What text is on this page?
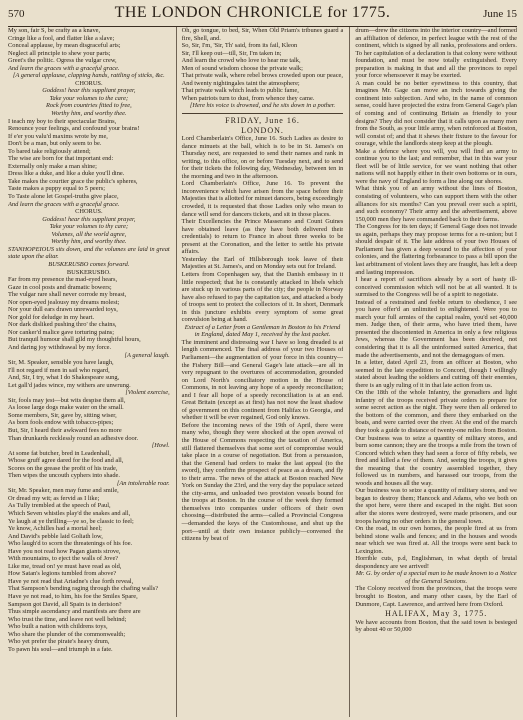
570	THE LONDON CHRONICLE for 1775.	June 15

My son, fair S, be crafty as a knave,

Cringe like a fool, and flatter like a slave;

Conceal applause, by mean disgraceful arts;

Neglect all principle to shew your parts;

Greet's the politic. Ogress the vulgar crew,

And learn the graces with a graceful grace.

[A general applause, clapping hands, rattling of sticks, &c.

CHORUS.

Goddess! hear this suppliant prayer,

Take your volumes to the care;

Rock from countries fitted to free,

Worthy him, and worthy thee.

I teach my boy to their spectacular Brains,

Renounce your feelings, and confound your brains!

If e'er you valu'd maxims wrote by me,

Don't be a man, but only seem to be.

To bared take religiously attend;

The wise are born for that important end:

Externally only make a man shine;

Dress like a duke, and like a duke you'll dine.

Take makes the courtier grace the public's spheres,

Taste makes a puppy equal to 5 peers;

To Taste alone let Gospel-truths give place,

And learn the graces with a graceful grace.

CHORUS.

Goddess! hear this suppliant prayer,

Take your volumes to thy care;

Volumes, all the world agree,

Worthy him, and worthy thee.

STANHOPEIOUS sits down, and the volumes are laid in great state upon the altar.

BUSKERUSBO comes forward.

BUSKERUSBO.

Far from my presence the mad-eyed hears,

Gaze in cool posts and dramatic bowers;

The vulgar rare shall never corrode my breast,

Nor open-eyed jealousy my dreams molest;

Nor your dull ears drawn unrewarded toys,

Nor gold for deludge in my heart.

Nor dark disliked pushing thro' the chains,

Nor canker'd malice gave torturing pains;

But tranquil humour shall gild my thoughtful hours,

And daring joy withdrawal by my force.

[A general laugh.

Sir, M. Speaker, sensible you have laugh,

I'll not regard if men in sail who regard,

And, Sir, I try, what I do Shakespeare sung,

Let gall'd jades wince, my withers are unwrung.

[Violent exercise,

Sir, fools may jest—but wits despise them all,

As loose large dogs make water on the small.

Some members, Sir, gave by, sitting wiser,

As born fools endow with tobacco-pipes;

But, Sir, I heard their awkward fees no more

Than drunkards recklessly round an adhesive door.

[Howl.

At some fat butcher, bred in Leadenhall,

Whose gruff agree dared for the food and all,

Scores on the grease the profit of his trade,

Then wipes the uncouth cyphers into shade.

[An intolerable roar.

Sir, Mr. Speaker, men may fume and smile,

Or dread my wit; as fervid as I like;

As Tully trembled at the speech of Paul,

Which Seven whistles play'd the snakes and all,

Ye laugh at ye thrilling—ye so, be classic to feel;

Ye know, Achilles had a mortal heel;

And David's pebble laid Goliath low,

Who laugh'd to scorn the threatenings of his foe.

Have you not read how Pagan giants strove,

With mountains, to eject the walls of Jove?

Like me, tread on! ye must have read as old,

How Satan's legions tumbled from above?

Have ye not read that Ariadne's clue forth reveal,

That Sampson's bending raging through the chafing walls?

Have ye not read, to him, his foe the Smiles Spare,

Sampson got David, all Spain is in derision?

Thus simple ascendancy and manifests are there are

Who trust the time, and leave not well behind;

Who built a nation with childrens toys,

Who share the plunder of the commonwealth;

Who yet prefer the pirate's heavy drum,

To pawn his soul—and triumph in a fate.

Oh, go tongue, to bed, Sir, When Old Priam's tribunes guard a fire, Shell, and.

So, Sir, I'm, 'Sir, Th' said, from its fail, Kleon

Sir, I'll keep out—till, Sir, I'm taken in;

And learn the crowd who love to hear me talk,

Men of sound wisdom choose the private walk;

That private walk, where rebel brows crowded upon our peace,

And twenty nightingales taint the atmosphere;

That private walk which leads to public fame,

When patriots turn to dust, from whence they came.

[Here his voice is drowned, and he sits down in a pother.

FRIDAY, June 16.

LONDON.

Lord Chamberlain's Office, June 16. Such Ladies as desire to dance minuets at the ball, which is to be in St. James's on Thursday next, are requested to send their names and rank in writing, to this office, on or before Tuesday next, and to send for their tickets the following day, Wednesday, between ten in the morning and two in the afternoon.

Lord Chamberlain's Office, June 16. To prevent the inconvenience which have arisen from the space before their Majesties that is allotted for minuet dancers, being exceedingly crowded, it is requested that those Ladies only who mean to dance will send for dancers tickets, and sit in those places.

Their Excellencies the Prince Masserano and Count Guines have obtained leave (as they have both delivered their credentials) to return to France in about three weeks to be present at the Coronation, and the letter to settle his private affairs.

Yesterday the Earl of Hillsborough took leave of their Majesties at St. James's, and on Monday sets out for Ireland.

Letters from Copenhagen say, that the Danish embassy in it little respected; that he is constantly attacked in libels which are stuck up in various parts of the city; the people in Norway have also refused to pay the capitation tax, and attacked a body of troops sent to protect the collectors of it. In short, Denmark in this juncture exhibits every symptom of some great convulsion being at hand.

Extract of a Letter from a Gentleman in Boston to his Friend in England, dated May 1, received by the last packet.

The imminent and distressing war I have so long dreaded is at length commenced. The final address of your two Houses of Parliament—the augmentation of your force in this country—the Fishery Bill—and General Gage's late attack—are all in very repugnant to the overtures of accommodation, grounded on Lord North's conciliatory motion in the House of Commons, in not leaving any hope of a speedy reconciliation; and I fear all hope of a speedy reconciliation is at an end. Great Britain (except as at first) has not now the least shadow of government on this continent from Halifax to Georgia, and whether it will be ever regained, God only knows.

Before the incoming news of the 19th of April, there were many who, though they were shocked at the open avowal of the House of Commons respecting the taxation of America, still flattered themselves that some sort of compromise would take place in a course of negotiation. But from a persuasion, that the General had orders to make the last appeal (to the sword), they confirm the prospect of peace as a dream, and fly to their arms. The news of the attack at Boston reached New York on Sunday the 23rd, and the very day the populace seized the city-arms, and unloaded two provision vessels bound for the troops at Boston. In the course of the week they formed themselves into companies under officers of their own choosing—distributed the arms—called a Provincial Congress—demanded the keys of the Customhouse, and shut up the port—until at their own instance publicly—convened the citizens by beat of

drum—drew the citizens into the interior country—and formed an affiliation of defence, in perfect league with the rest of the continent, which is signed by all ranks, professions and orders. To her capitulation of a declaration is that colony were without foundation, and must be now totally extinguished. Every preparation is making in that and all the provinces to repel your force whensoever it may be exerted.

A man could be no better eyewitness to this country, that imagines Mr. Gage can move an inch towards giving the continent into subjection. And who, in the name of common sense, could have projected the extra from General Gage's plan of coming and of continuing Britain as friendly to your designs? They did not consider that it calls upon as many men from the South, as your little army, when reinforced at Boston, will consist of; and that it shews their fixture to the favour for courage, while the landlords steep keep at the plough.

Make a defence where you will, you will find an army to continue you to the last; and remember, that in this war your fleet will be of little service, for we want nothing that other nations will not happily either in their own bottoms or in ours, were the navy of England to form a line along our shores.

What think you of an army without the lines of Boston, consisting of volunteers, who can support them with the other alliances for six months? Can you prevail over such a spirit, and such economy? Their army and the advertisement, above 150,000 men they have commanded back to their farms.

The Congress for its ten days; if General Gage does not invade us again, perhaps they may propose terms for a re-union; but I should despair of it. The late address of your two Houses of Parliament has given a deep wound to the affection of your colonies, and the flattering forbearance to pass a bill upon the last arbitrament of violent laws they are fraught, has left a deep and lasting impression.

I hear a report of sacrifices already by a sort of hasty ill-conceived commission which will not be at all wanted. It is surmised to the Congress will be of a spirit to negotiate.

Instead of a restrained and feeble return to obedience, I see you have offer'd an unlimited to enlightened. Were you to march your full armies of the capital realm, you'd set 40,000 men. Judge then, of their arms, who have tried them, have presented the discontented in America in only a few religious Jews, whereas the Government has been deceived, not considering that it is all the uninformed suited America, that made the advertisements, and not the demagogues of men.

In a letter, dated April 23, from an officer at Boston, who seemed in the late expedition to Concord, though I willingly stated about leading the soldiers and cutting off their enemies, there is an ugly ruling of it in that late action from us.

On the 18th of the whole Infantry, the grenadiers and light infantry of the troops received private orders to prepare for some secret action as the night. They were then all ordered to the bottom of the common, and there they embarked on the boats, and were carried over the river. At the end of the march they took a guide to distance of twenty-one miles from Boston. Our business was to seize a quantity of military stores, and burn some cannon; they are the troops a mile from the town of Concord which when they had seen a force of fifty rebels, we fired and killed a few of them. And, seeing the troops, it gives the meaning that the country assembled together, they followed us in numbers, and harassed our troops, from the woods and houses all the way.

Our business was to seize a quantity of military stores, and we began to destroy them; Hancock and Adams, who we both on the spot here, were there and escaped in the night. But soon after the stores were destroyed, were made prisoners, and our troops having no other orders in the general town.

On the road, in our own homes, the people fired at us from behind stone walls and fences; and in the houses and woods near which we was fired at. All the troops were sent back to Lexington.

Horrible cuts, p.d, Englishman, in what depth of brutal despondency are we arrived!

Mr. G. by order of a special man to be made known to a Notice of the General Sessions.

The Colony received from the provinces, that the troops were brought to Boston, and many other cases, by the Earl of Dunmore, Capt. Lawrence, and arrived here from Oxford.

HALIFAX, May 3, 1775.

We have accounts from Boston, that the said town is besieged by about 40 or 50,000
